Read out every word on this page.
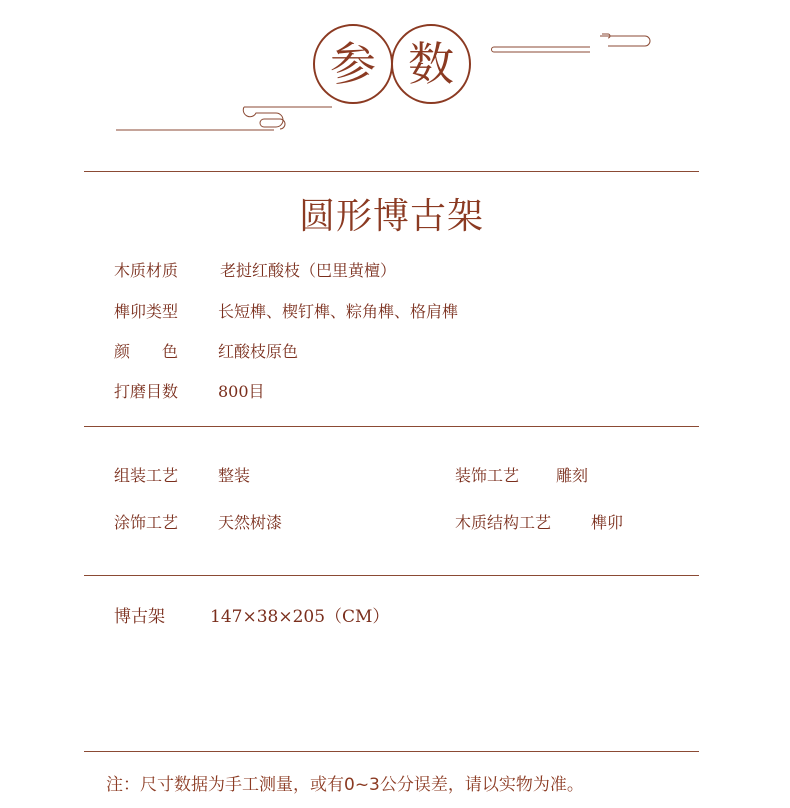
参 数
圆形博古架
木质材质	老挝红酸枝（巴里黄檀）
榫卯类型 长短榫、楔钉榫、粽角榫、格肩榫
颜　　色 红酸枝原色
打磨目数 800目
组装工艺 整装	装饰工艺 雕刻
涂饰工艺 天然树漆	木质结构工艺 榫卯
博古架	147×38×205（CM）
注：尺寸数据为手工测量，或有0~3公分误差，请以实物为准。
